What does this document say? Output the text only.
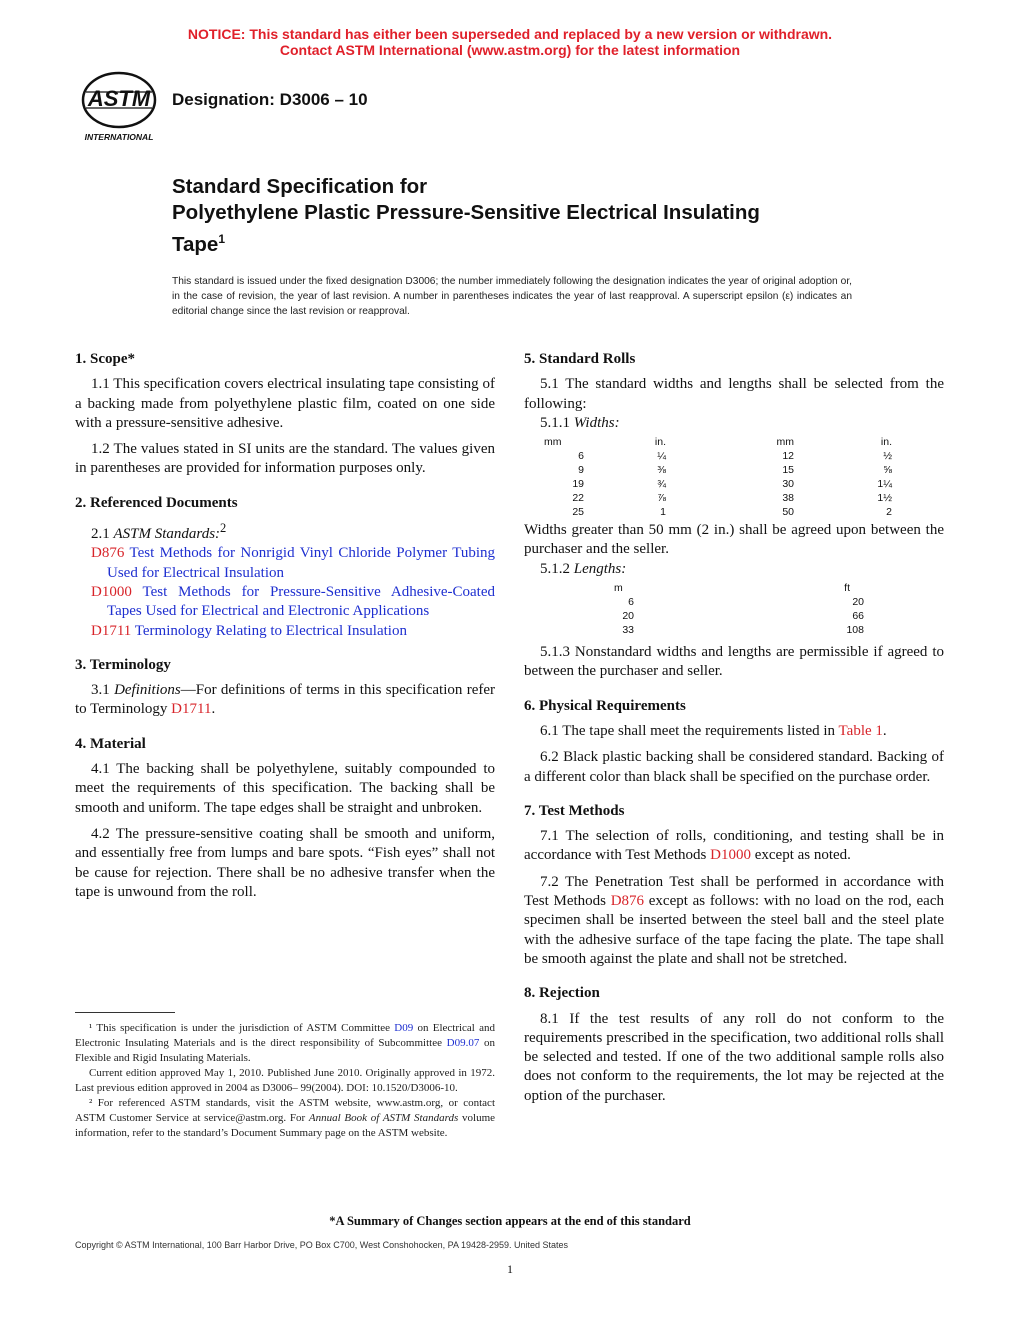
NOTICE: This standard has either been superseded and replaced by a new version or withdrawn.
Contact ASTM International (www.astm.org) for the latest information
ASTM
INTERNATIONAL
Designation: D3006 – 10
Standard Specification for
Polyethylene Plastic Pressure-Sensitive Electrical Insulating
Tape$^1$
This standard is issued under the fixed designation D3006; the number immediately following the designation indicates the year of original adoption or, in the case of revision, the year of last revision. A number in parentheses indicates the year of last reapproval. A superscript epsilon (ε) indicates an editorial change since the last revision or reapproval.
1. Scope*

1.1 This specification covers electrical insulating tape consisting of a backing made from polyethylene plastic film, coated on one side with a pressure-sensitive adhesive.

1.2 The values stated in SI units are the standard. The values given in parentheses are provided for information purposes only.

2. Referenced Documents

2.1 ASTM Standards:$^2$

D876 Test Methods for Nonrigid Vinyl Chloride Polymer Tubing Used for Electrical Insulation

D1000 Test Methods for Pressure-Sensitive Adhesive-Coated Tapes Used for Electrical and Electronic Applications

D1711 Terminology Relating to Electrical Insulation

3. Terminology

3.1 Definitions—For definitions of terms in this specification refer to Terminology D1711.

4. Material

4.1 The backing shall be polyethylene, suitably compounded to meet the requirements of this specification. The backing shall be smooth and uniform. The tape edges shall be straight and unbroken.

4.2 The pressure-sensitive coating shall be smooth and uniform, and essentially free from lumps and bare spots. “Fish eyes” shall not be cause for rejection. There shall be no adhesive transfer when the tape is unwound from the roll.

¹ This specification is under the jurisdiction of ASTM Committee D09 on Electrical and Electronic Insulating Materials and is the direct responsibility of Subcommittee D09.07 on Flexible and Rigid Insulating Materials.

Current edition approved May 1, 2010. Published June 2010. Originally approved in 1972. Last previous edition approved in 2004 as D3006– 99(2004). DOI: 10.1520/D3006-10.

² For referenced ASTM standards, visit the ASTM website, www.astm.org, or contact ASTM Customer Service at service@astm.org. For Annual Book of ASTM Standards volume information, refer to the standard’s Document Summary page on the ASTM website.

5. Standard Rolls

5.1 The standard widths and lengths shall be selected from the following:

5.1.1 Widths:

mm	in.	mm	in.
6	¼	12	½
9	⅜	15	⅝
19	¾	30	1¼
22	⅞	38	1½
25	1	50	2

Widths greater than 50 mm (2 in.) shall be agreed upon between the purchaser and the seller.

5.1.2 Lengths:

m	ft
6	20
20	66
33	108

5.1.3 Nonstandard widths and lengths are permissible if agreed to between the purchaser and seller.

6. Physical Requirements

6.1 The tape shall meet the requirements listed in Table 1.

6.2 Black plastic backing shall be considered standard. Backing of a different color than black shall be specified on the purchase order.

7. Test Methods

7.1 The selection of rolls, conditioning, and testing shall be in accordance with Test Methods D1000 except as noted.

7.2 The Penetration Test shall be performed in accordance with Test Methods D876 except as follows: with no load on the rod, each specimen shall be inserted between the steel ball and the steel plate with the adhesive surface of the tape facing the plate. The tape shall be smooth against the plate and shall not be stretched.

8. Rejection

8.1 If the test results of any roll do not conform to the requirements prescribed in the specification, two additional rolls shall be selected and tested. If one of the two additional sample rolls also does not conform to the requirements, the lot may be rejected at the option of the purchaser.

*A Summary of Changes section appears at the end of this standard
Copyright © ASTM International, 100 Barr Harbor Drive, PO Box C700, West Conshohocken, PA 19428-2959. United States
1
